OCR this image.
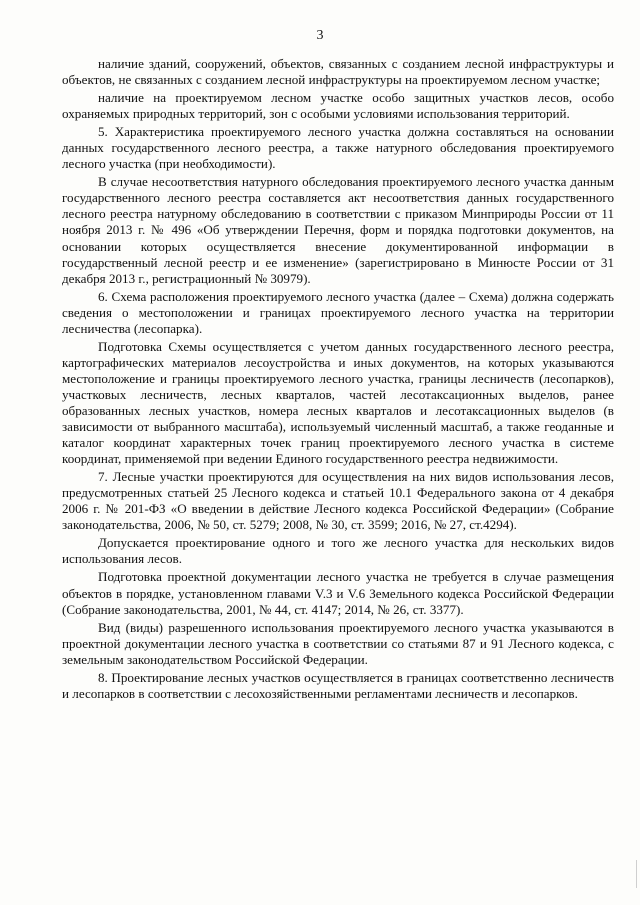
3

наличие зданий, сооружений, объектов, связанных с созданием лесной инфраструктуры и объектов, не связанных с созданием лесной инфраструктуры на проектируемом лесном участке;

наличие на проектируемом лесном участке особо защитных участков лесов, особо охраняемых природных территорий, зон с особыми условиями использования территорий.

5. Характеристика проектируемого лесного участка должна составляться на основании данных государственного лесного реестра, а также натурного обследования проектируемого лесного участка (при необходимости).

В случае несоответствия натурного обследования проектируемого лесного участка данным государственного лесного реестра составляется акт несоответствия данных государственного лесного реестра натурному обследованию в соответствии с приказом Минприроды России от 11 ноября 2013 г. № 496 «Об утверждении Перечня, форм и порядка подготовки документов, на основании которых осуществляется внесение документированной информации в государственный лесной реестр и ее изменение» (зарегистрировано в Минюсте России от 31 декабря 2013 г., регистрационный № 30979).

6. Схема расположения проектируемого лесного участка (далее – Схема) должна содержать сведения о местоположении и границах проектируемого лесного участка на территории лесничества (лесопарка).

Подготовка Схемы осуществляется с учетом данных государственного лесного реестра, картографических материалов лесоустройства и иных документов, на которых указываются местоположение и границы проектируемого лесного участка, границы лесничеств (лесопарков), участковых лесничеств, лесных кварталов, частей лесотаксационных выделов, ранее образованных лесных участков, номера лесных кварталов и лесотаксационных выделов (в зависимости от выбранного масштаба), используемый численный масштаб, а также геоданные и каталог координат характерных точек границ проектируемого лесного участка в системе координат, применяемой при ведении Единого государственного реестра недвижимости.

7. Лесные участки проектируются для осуществления на них видов использования лесов, предусмотренных статьей 25 Лесного кодекса и статьей 10.1 Федерального закона от 4 декабря 2006 г. № 201-ФЗ «О введении в действие Лесного кодекса Российской Федерации» (Собрание законодательства, 2006, № 50, ст. 5279; 2008, № 30, ст. 3599; 2016, № 27, ст.4294).

Допускается проектирование одного и того же лесного участка для нескольких видов использования лесов.

Подготовка проектной документации лесного участка не требуется в случае размещения объектов в порядке, установленном главами V.3 и V.6 Земельного кодекса Российской Федерации (Собрание законодательства, 2001, № 44, ст. 4147; 2014, № 26, ст. 3377).

Вид (виды) разрешенного использования проектируемого лесного участка указываются в проектной документации лесного участка в соответствии со статьями 87 и 91 Лесного кодекса, с земельным законодательством Российской Федерации.

8. Проектирование лесных участков осуществляется в границах соответственно лесничеств и лесопарков в соответствии с лесохозяйственными регламентами лесничеств и лесопарков.
